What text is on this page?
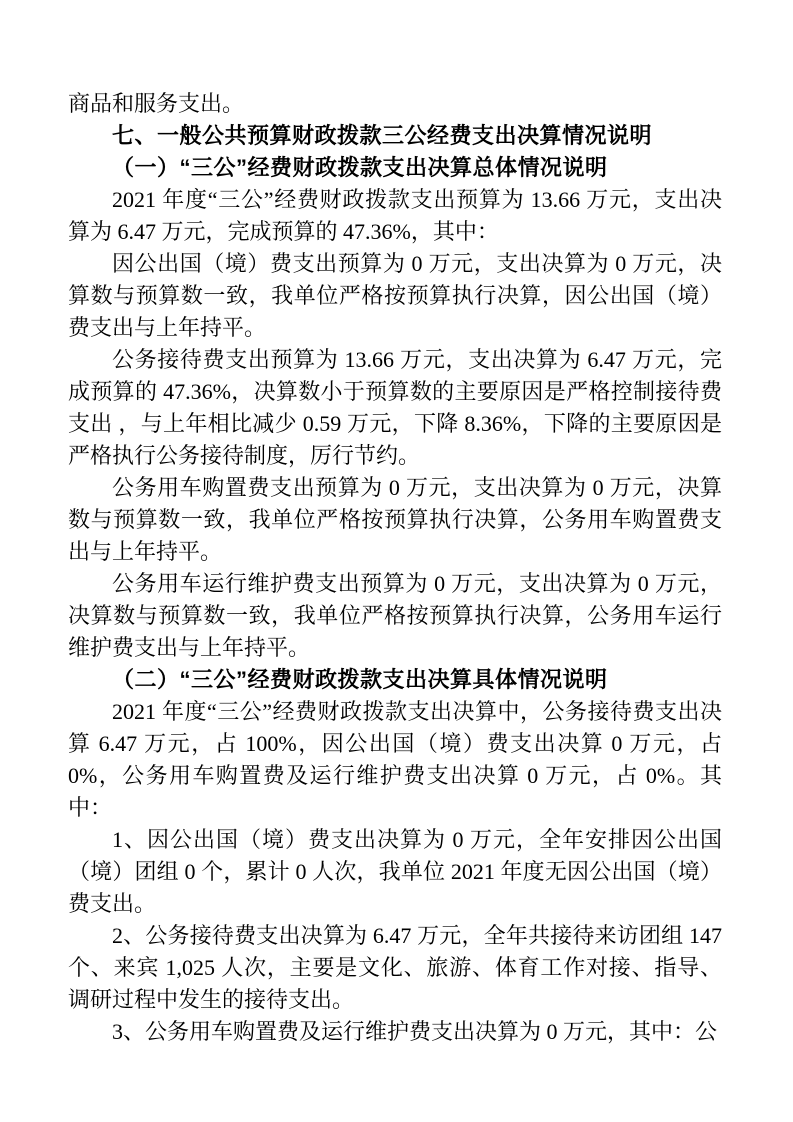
商品和服务支出。

七、一般公共预算财政拨款三公经费支出决算情况说明

（一）“三公”经费财政拨款支出决算总体情况说明

2021 年度“三公”经费财政拨款支出预算为 13.66 万元，支出决算为 6.47 万元，完成预算的 47.36%，其中：

因公出国（境）费支出预算为 0 万元，支出决算为 0 万元，决算数与预算数一致，我单位严格按预算执行决算，因公出国（境）费支出与上年持平。

公务接待费支出预算为 13.66 万元，支出决算为 6.47 万元，完成预算的 47.36%，决算数小于预算数的主要原因是严格控制接待费支出 ，与上年相比减少 0.59 万元，下降 8.36%，下降的主要原因是严格执行公务接待制度，厉行节约。

公务用车购置费支出预算为 0 万元，支出决算为 0 万元，决算数与预算数一致，我单位严格按预算执行决算，公务用车购置费支出与上年持平。

公务用车运行维护费支出预算为 0 万元，支出决算为 0 万元，决算数与预算数一致，我单位严格按预算执行决算，公务用车运行维护费支出与上年持平。

（二）“三公”经费财政拨款支出决算具体情况说明

2021 年度“三公”经费财政拨款支出决算中，公务接待费支出决算 6.47 万元，占 100%，因公出国（境）费支出决算 0 万元，占 0%，公务用车购置费及运行维护费支出决算 0 万元，占 0%。其中：

1、因公出国（境）费支出决算为 0 万元，全年安排因公出国（境）团组 0 个，累计 0 人次，我单位 2021 年度无因公出国（境）费支出。

2、公务接待费支出决算为 6.47 万元，全年共接待来访团组 147 个、来宾 1,025 人次，主要是文化、旅游、体育工作对接、指导、调研过程中发生的接待支出。

3、公务用车购置费及运行维护费支出决算为 0 万元，其中：公
